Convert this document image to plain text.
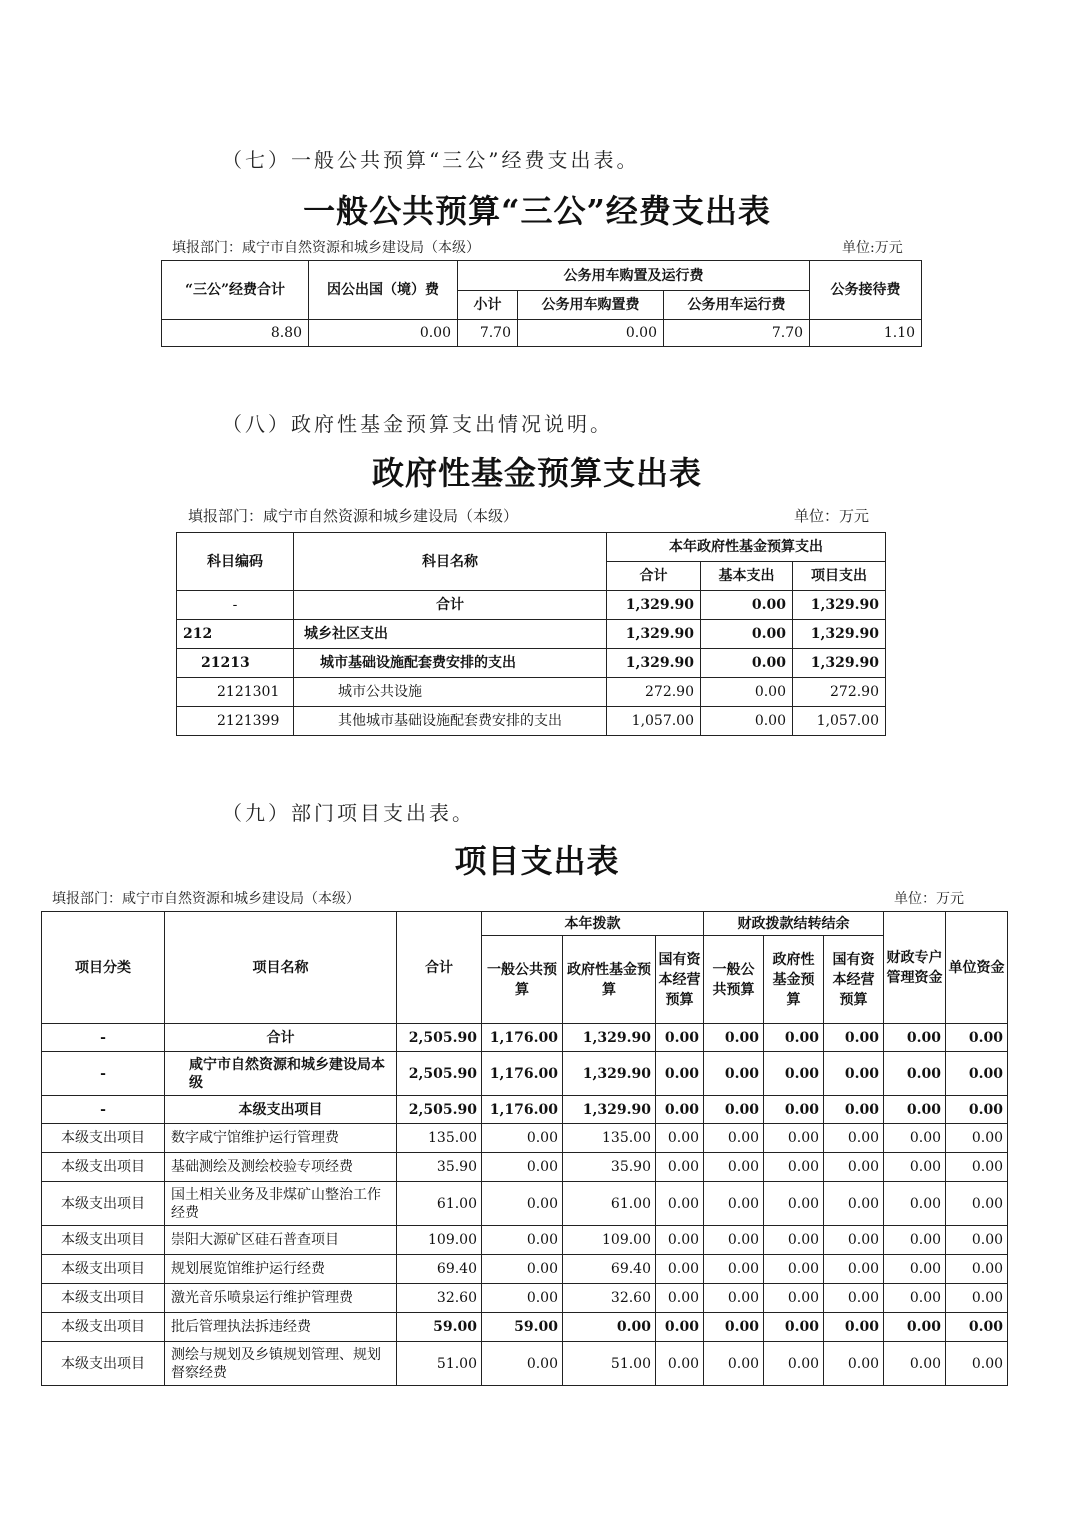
（七）一般公共预算“三公”经费支出表。
一般公共预算“三公”经费支出表
填报部门：咸宁市自然资源和城乡建设局（本级）	单位:万元
“三公”经费合计	因公出国（境）费	公务用车购置及运行费			公务接待费
		小计	公务用车购置费	公务用车运行费	
8.80	0.00	7.70	0.00	7.70	1.10
（八）政府性基金预算支出情况说明。
政府性基金预算支出表
填报部门：咸宁市自然资源和城乡建设局（本级）	单位：万元
科目编码	科目名称	本年政府性基金预算支出		
		合计	基本支出	项目支出
-	合计	1,329.90	0.00	1,329.90
212	城乡社区支出	1,329.90	0.00	1,329.90
21213	城市基础设施配套费安排的支出	1,329.90	0.00	1,329.90
2121301	城市公共设施	272.90	0.00	272.90
2121399	其他城市基础设施配套费安排的支出	1,057.00	0.00	1,057.00
（九）部门项目支出表。
项目支出表
填报部门：咸宁市自然资源和城乡建设局（本级）	单位：万元
项目分类	项目名称	合计	本年拨款			财政拨款结转结余			财政专户管理资金	单位资金
			一般公共预算	政府性基金预算	国有资本经营预算	一般公共预算	政府性基金预算	国有资本经营预算		
-	合计	2,505.90	1,176.00	1,329.90	0.00	0.00	0.00	0.00	0.00	0.00
-	咸宁市自然资源和城乡建设局本级	2,505.90	1,176.00	1,329.90	0.00	0.00	0.00	0.00	0.00	0.00
-	本级支出项目	2,505.90	1,176.00	1,329.90	0.00	0.00	0.00	0.00	0.00	0.00
本级支出项目	数字咸宁馆维护运行管理费	135.00	0.00	135.00	0.00	0.00	0.00	0.00	0.00	0.00
本级支出项目	基础测绘及测绘校验专项经费	35.90	0.00	35.90	0.00	0.00	0.00	0.00	0.00	0.00
本级支出项目	国土相关业务及非煤矿山整治工作经费	61.00	0.00	61.00	0.00	0.00	0.00	0.00	0.00	0.00
本级支出项目	崇阳大源矿区硅石普查项目	109.00	0.00	109.00	0.00	0.00	0.00	0.00	0.00	0.00
本级支出项目	规划展览馆维护运行经费	69.40	0.00	69.40	0.00	0.00	0.00	0.00	0.00	0.00
本级支出项目	激光音乐喷泉运行维护管理费	32.60	0.00	32.60	0.00	0.00	0.00	0.00	0.00	0.00
本级支出项目	批后管理执法拆违经费	59.00	59.00	0.00	0.00	0.00	0.00	0.00	0.00	0.00
本级支出项目	测绘与规划及乡镇规划管理、规划督察经费	51.00	0.00	51.00	0.00	0.00	0.00	0.00	0.00	0.00
